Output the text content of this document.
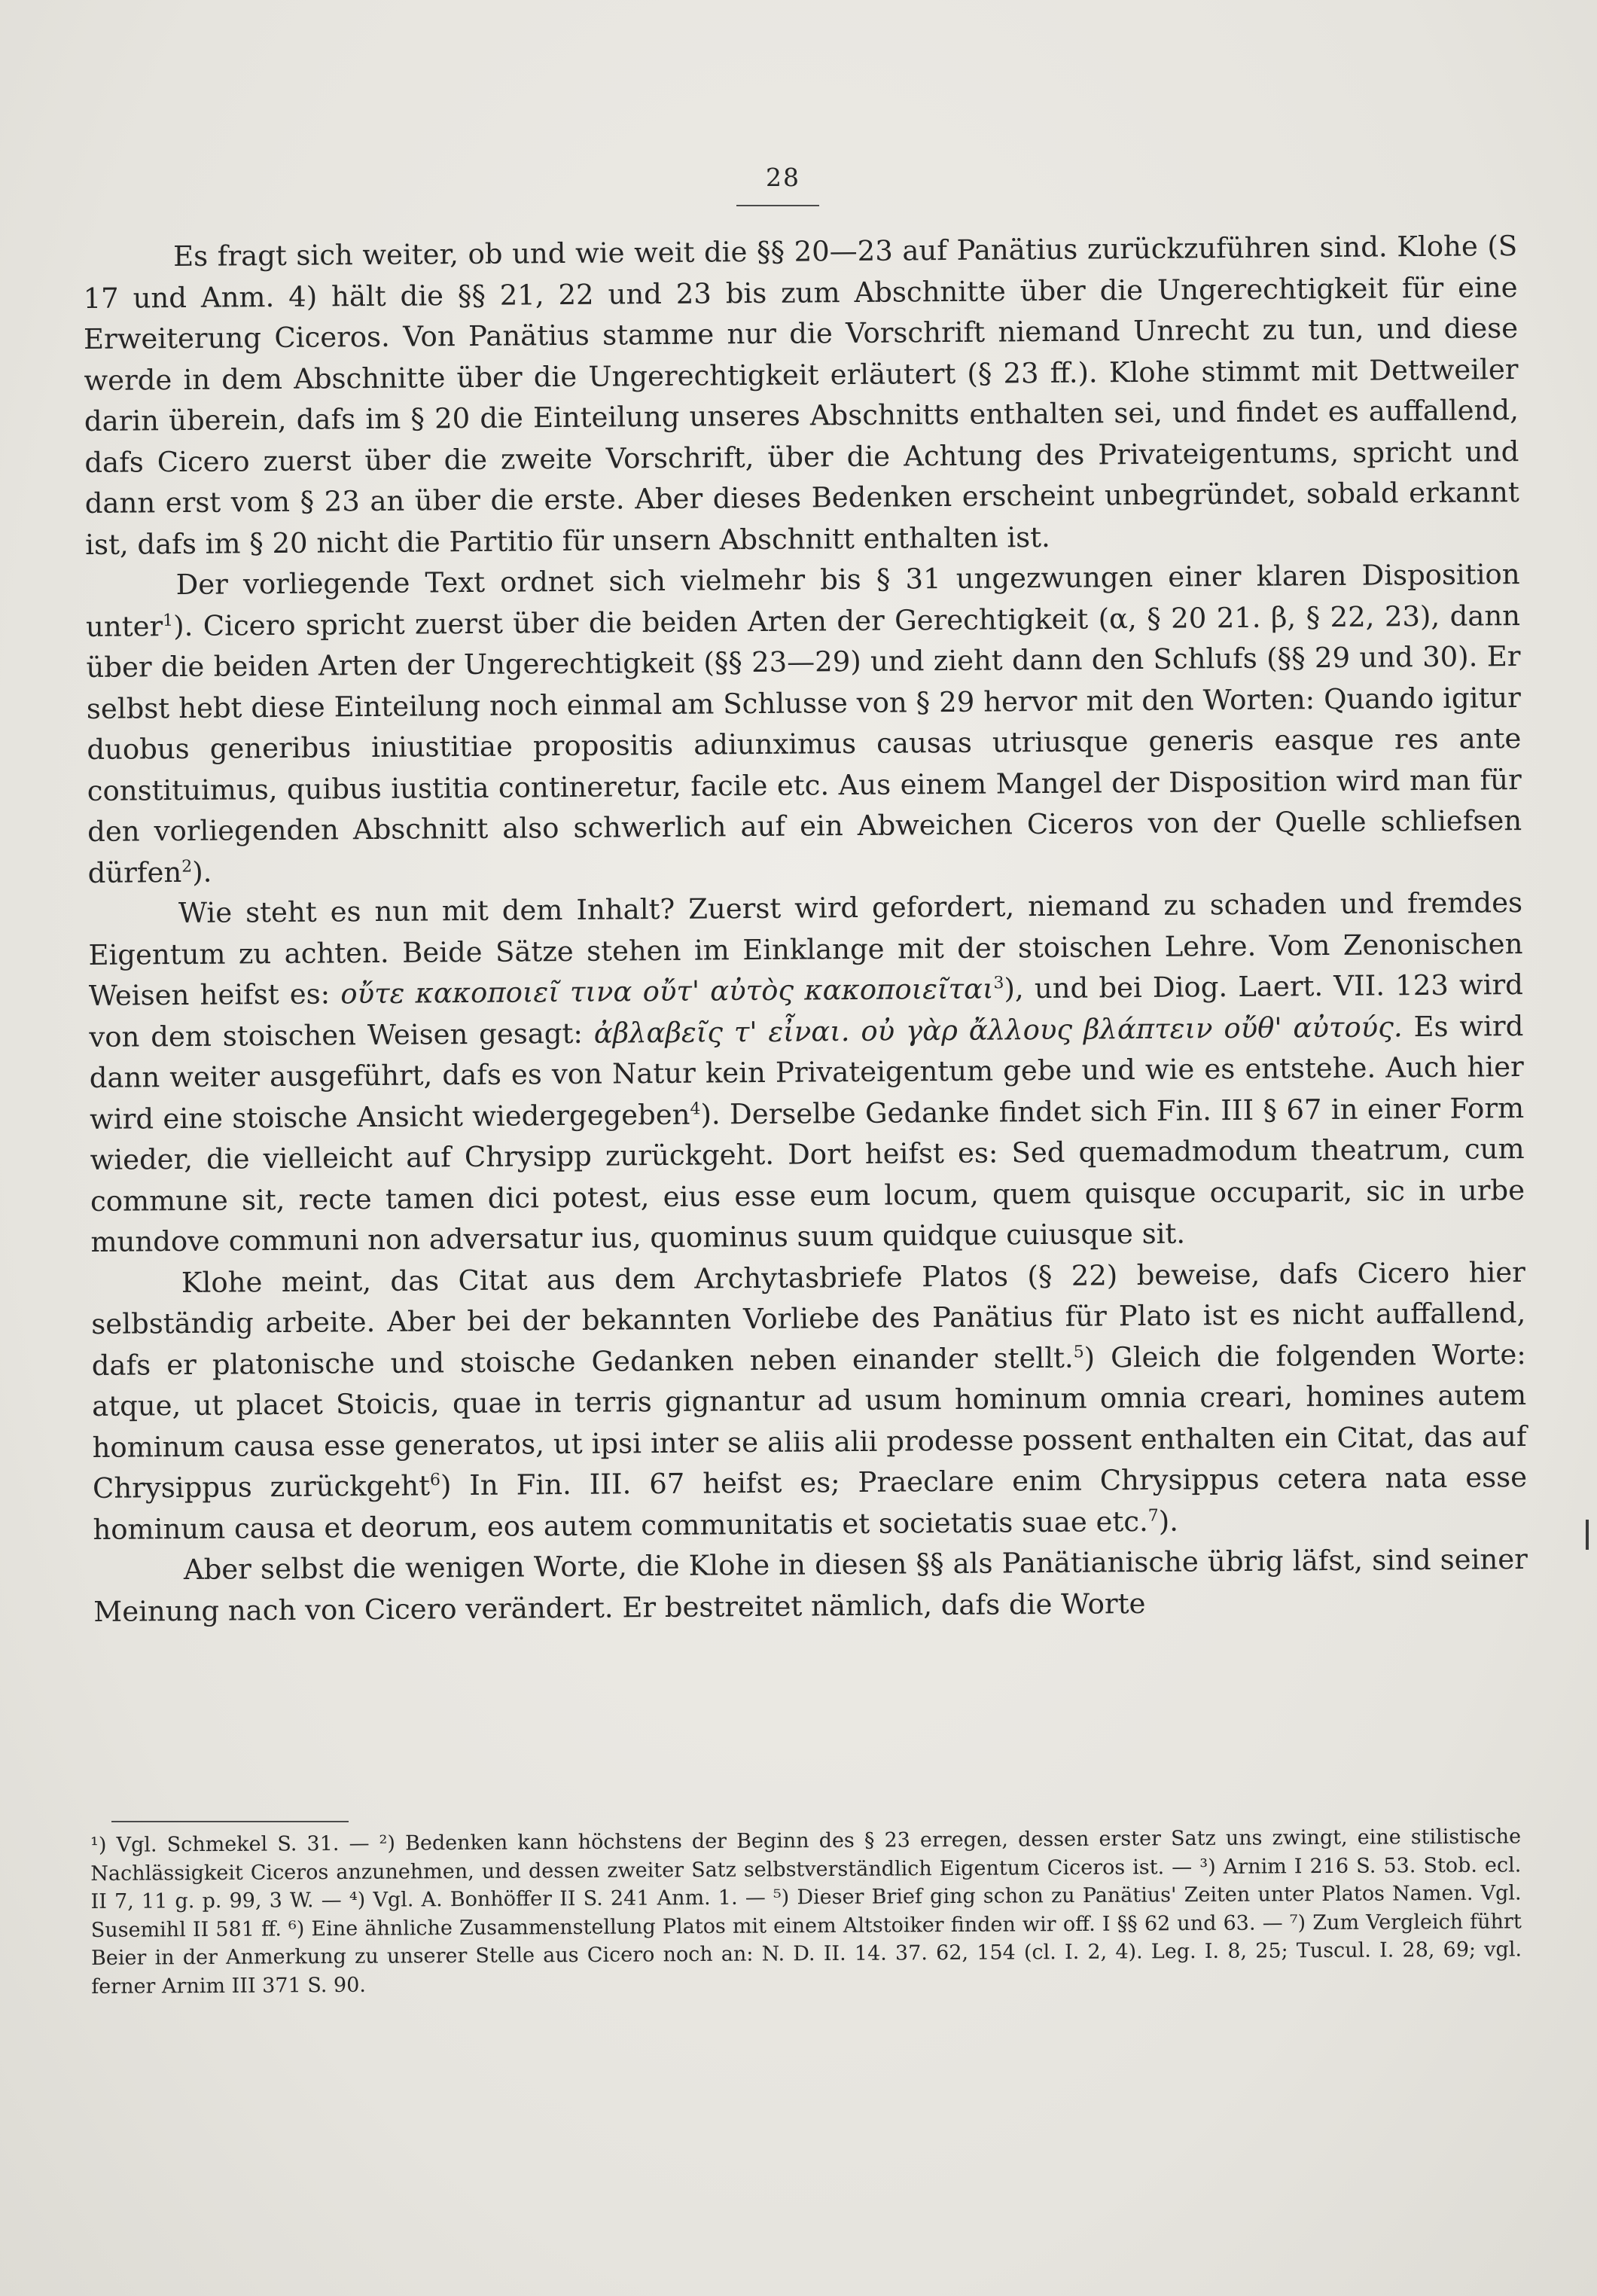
28

Es fragt sich weiter, ob und wie weit die §§ 20—23 auf Panätius zurückzuführen sind. Klohe (S 17 und Anm. 4) hält die §§ 21, 22 und 23 bis zum Abschnitte über die Ungerechtigkeit für eine Erweiterung Ciceros. Von Panätius stamme nur die Vorschrift niemand Unrecht zu tun, und diese werde in dem Abschnitte über die Ungerechtigkeit erläutert (§ 23 ff.). Klohe stimmt mit Dettweiler darin überein, dafs im § 20 die Einteilung unseres Abschnitts enthalten sei, und findet es auffallend, dafs Cicero zuerst über die zweite Vorschrift, über die Achtung des Privateigentums, spricht und dann erst vom § 23 an über die erste. Aber dieses Bedenken erscheint unbegründet, sobald erkannt ist, dafs im § 20 nicht die Partitio für unsern Abschnitt enthalten ist.

Der vorliegende Text ordnet sich vielmehr bis § 31 ungezwungen einer klaren Disposition unter$^1$). Cicero spricht zuerst über die beiden Arten der Gerechtigkeit (α, § 20 21. β, § 22, 23), dann über die beiden Arten der Ungerechtigkeit (§§ 23—29) und zieht dann den Schlufs (§§ 29 und 30). Er selbst hebt diese Einteilung noch einmal am Schlusse von § 29 hervor mit den Worten: Quando igitur duobus generibus iniustitiae propositis adiunximus causas utriusque generis easque res ante constituimus, quibus iustitia contineretur, facile etc. Aus einem Mangel der Disposition wird man für den vorliegenden Abschnitt also schwerlich auf ein Abweichen Ciceros von der Quelle schliefsen dürfen$^2$).

Wie steht es nun mit dem Inhalt? Zuerst wird gefordert, niemand zu schaden und fremdes Eigentum zu achten. Beide Sätze stehen im Einklange mit der stoischen Lehre. Vom Zenonischen Weisen heifst es: οὔτε κακοποιεῖ τινα οὔτ' αὐτὸς κακοποιεῖται$^3$), und bei Diog. Laert. VII. 123 wird von dem stoischen Weisen gesagt: ἀβλαβεῖς τ' εἶναι. οὐ γὰρ ἄλλους βλάπτειν οὔθ' αὐτούς. Es wird dann weiter ausgeführt, dafs es von Natur kein Privateigentum gebe und wie es entstehe. Auch hier wird eine stoische Ansicht wiedergegeben$^4$). Derselbe Gedanke findet sich Fin. III § 67 in einer Form wieder, die vielleicht auf Chrysipp zurückgeht. Dort heifst es: Sed quemadmodum theatrum, cum commune sit, recte tamen dici potest, eius esse eum locum, quem quisque occuparit, sic in urbe mundove communi non adversatur ius, quominus suum quidque cuiusque sit.

Klohe meint, das Citat aus dem Archytasbriefe Platos (§ 22) beweise, dafs Cicero hier selbständig arbeite. Aber bei der bekannten Vorliebe des Panätius für Plato ist es nicht auffallend, dafs er platonische und stoische Gedanken neben einander stellt.$^5$) Gleich die folgenden Worte: atque, ut placet Stoicis, quae in terris gignantur ad usum hominum omnia creari, homines autem hominum causa esse generatos, ut ipsi inter se aliis alii prodesse possent enthalten ein Citat, das auf Chrysippus zurückgeht$^6$) In Fin. III. 67 heifst es; Praeclare enim Chrysippus cetera nata esse hominum causa et deorum, eos autem communitatis et societatis suae etc.$^7$).

Aber selbst die wenigen Worte, die Klohe in diesen §§ als Panätianische übrig läfst, sind seiner Meinung nach von Cicero verändert. Er bestreitet nämlich, dafs die Worte

¹) Vgl. Schmekel S. 31. — ²) Bedenken kann höchstens der Beginn des § 23 erregen, dessen erster Satz uns zwingt, eine stilistische Nachlässigkeit Ciceros anzunehmen, und dessen zweiter Satz selbstverständlich Eigentum Ciceros ist. — ³) Arnim I 216 S. 53. Stob. ecl. II 7, 11 g. p. 99, 3 W. — ⁴) Vgl. A. Bonhöffer II S. 241 Anm. 1. — ⁵) Dieser Brief ging schon zu Panätius' Zeiten unter Platos Namen. Vgl. Susemihl II 581 ff. ⁶) Eine ähnliche Zusammenstellung Platos mit einem Altstoiker finden wir off. I §§ 62 und 63. — ⁷) Zum Vergleich führt Beier in der Anmerkung zu unserer Stelle aus Cicero noch an: N. D. II. 14. 37. 62, 154 (cl. I. 2, 4). Leg. I. 8, 25; Tuscul. I. 28, 69; vgl. ferner Arnim III 371 S. 90.
